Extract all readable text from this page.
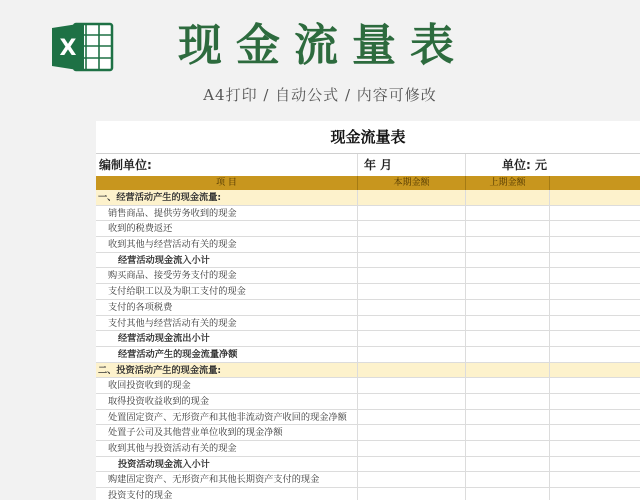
X 现金流量表
A4打印 / 自动公式 / 内容可修改
现金流量表
编制单位:	年 月	单位: 元
项 目	本期金额	上期金额
一、经营活动产生的现金流量:
销售商品、提供劳务收到的现金
收到的税费返还
收到其他与经营活动有关的现金
经营活动现金流入小计
购买商品、接受劳务支付的现金
支付给职工以及为职工支付的现金
支付的各项税费
支付其他与经营活动有关的现金
经营活动现金流出小计
经营活动产生的现金流量净额
二、投资活动产生的现金流量:
收回投资收到的现金
取得投资收益收到的现金
处置固定资产、无形资产和其他非流动资产收回的现金净额
处置子公司及其他营业单位收到的现金净额
收到其他与投资活动有关的现金
投资活动现金流入小计
购建固定资产、无形资产和其他长期资产支付的现金
投资支付的现金
